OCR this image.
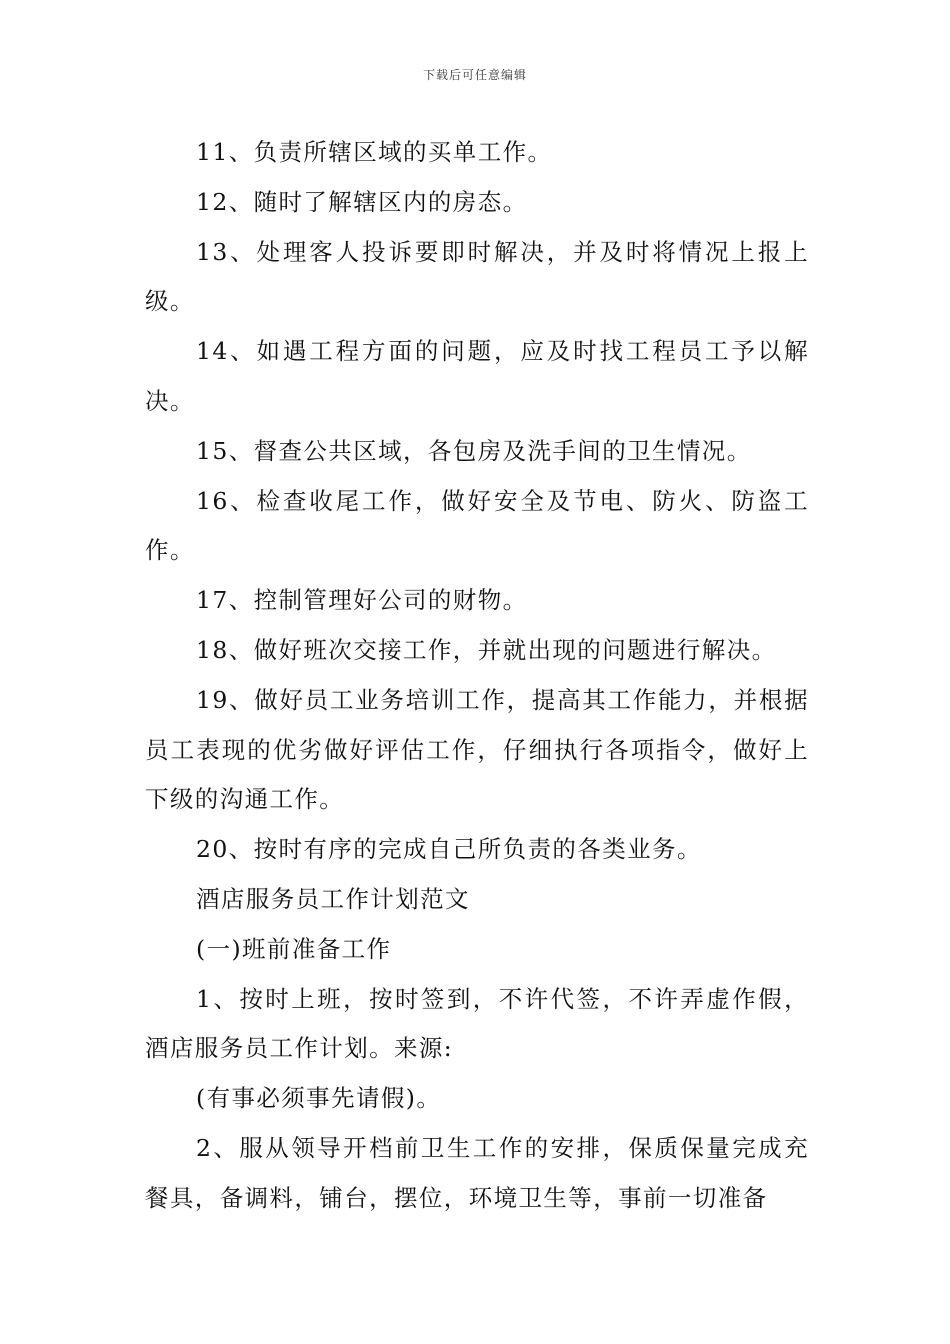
下载后可任意编辑

11、负责所辖区域的买单工作。

12、随时了解辖区内的房态。

13、处理客人投诉要即时解决，并及时将情况上报上级。

14、如遇工程方面的问题，应及时找工程员工予以解决。

15、督查公共区域，各包房及洗手间的卫生情况。

16、检查收尾工作，做好安全及节电、防火、防盗工作。

17、控制管理好公司的财物。

18、做好班次交接工作，并就出现的问题进行解决。

19、做好员工业务培训工作，提高其工作能力，并根据员工表现的优劣做好评估工作，仔细执行各项指令，做好上下级的沟通工作。

20、按时有序的完成自己所负责的各类业务。

酒店服务员工作计划范文

(一)班前准备工作

1、按时上班，按时签到，不许代签，不许弄虚作假，酒店服务员工作计划。来源:

(有事必须事先请假)。

2、服从领导开档前卫生工作的安排，保质保量完成充餐具，备调料，铺台，摆位，环境卫生等，事前一切准备
